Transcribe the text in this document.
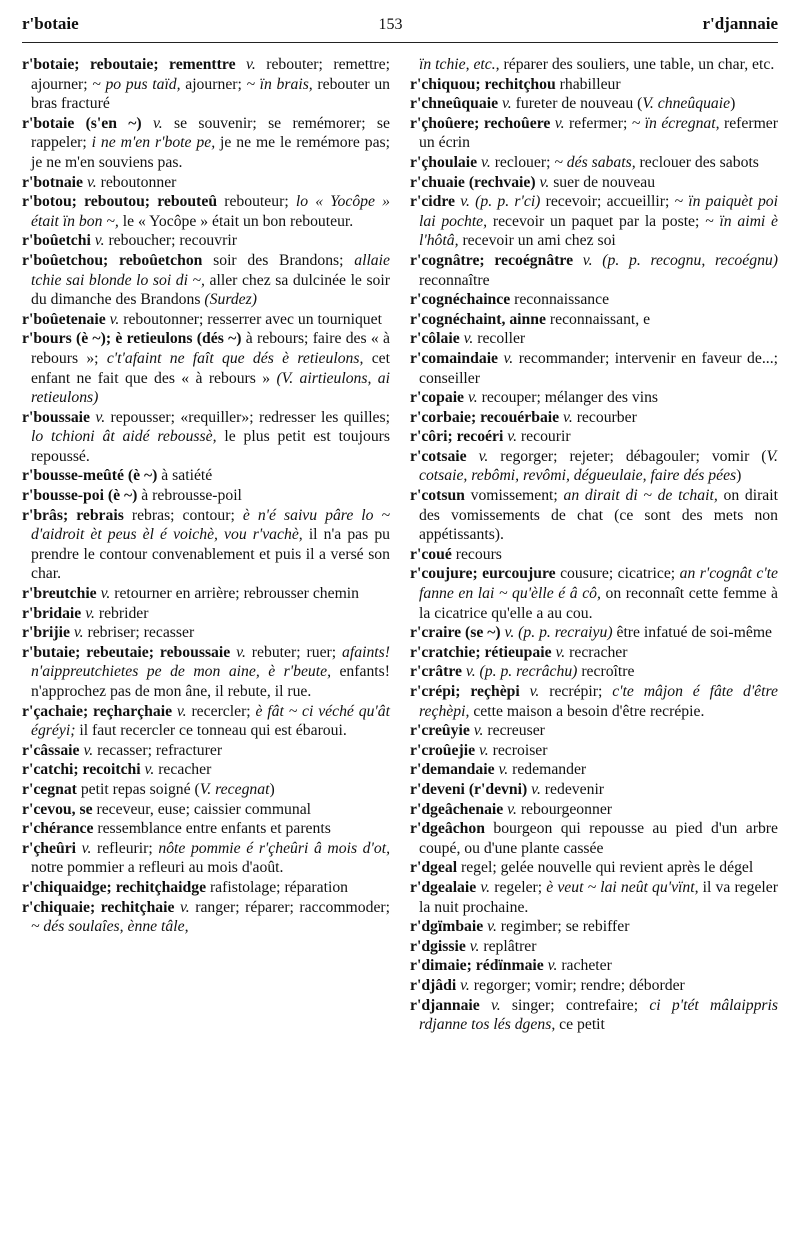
r'botaie	153	r'djannaie

r'botaie; reboutaie; rementtre v. rebouter; remettre; ajourner; ~ po pus taïd, ajourner; ~ ïn brais, rebouter un bras fracturé

r'botaie (s'en ~) v. se souvenir; se remémorer; se rappeler; i ne m'en r'bote pe, je ne me le remémore pas; je ne m'en souviens pas.

r'botnaie v. reboutonner

r'botou; reboutou; rebouteû rebouteur; lo « Yocôpe » était ïn bon ~, le « Yocôpe » était un bon rebouteur.

r'boûetchi v. reboucher; recouvrir

r'boûetchou; reboûetchon soir des Brandons; allaie tchie sai blonde lo soi di ~, aller chez sa dulcinée le soir du dimanche des Brandons (Surdez)

r'boûetenaie v. reboutonner; resserrer avec un tourniquet

r'bours (è ~); è retieulons (dés ~) à rebours; faire des « à rebours »; c't'afaint ne faît que dés è retieulons, cet enfant ne fait que des « à rebours » (V. airtieulons, ai retieulons)

r'boussaie v. repousser; «requiller»; redresser les quilles; lo tchioni ât aidé reboussè, le plus petit est toujours repoussé.

r'bousse-meûté (è ~) à satiété

r'bousse-poi (è ~) à rebrousse-poil

r'brâs; rebrais rebras; contour; è n'é saivu pâre lo ~ d'aidroit èt peus èl é voichè, vou r'vachè, il n'a pas pu prendre le contour convenablement et puis il a versé son char.

r'breutchie v. retourner en arrière; rebrousser chemin

r'bridaie v. rebrider

r'brijie v. rebriser; recasser

r'butaie; rebeutaie; reboussaie v. rebuter; ruer; afaints! n'aippreutchietes pe de mon aine, è r'beute, enfants! n'approchez pas de mon âne, il rebute, il rue.

r'çachaie; reçharçhaie v. recercler; è fât ~ ci véché qu'ât égréyi; il faut recercler ce tonneau qui est ébaroui.

r'câssaie v. recasser; refracturer

r'catchi; recoitchi v. recacher

r'cegnat petit repas soigné (V. recegnat)

r'cevou, se receveur, euse; caissier communal

r'chérance ressemblance entre enfants et parents

r'çheûri v. refleurir; nôte pommie é r'çheûri â mois d'ot, notre pommier a refleuri au mois d'août.

r'chiquaidge; rechitçhaidge rafistolage; réparation

r'chiquaie; rechitçhaie v. ranger; réparer; raccommoder; ~ dés soulaîes, ènne tâle,

ïn tchie, etc., réparer des souliers, une table, un char, etc.

r'chiquou; rechitçhou rhabilleur

r'chneûquaie v. fureter de nouveau (V. chneûquaie)

r'çhoûere; rechoûere v. refermer; ~ ïn écregnat, refermer un écrin

r'çhoulaie v. reclouer; ~ dés sabats, reclouer des sabots

r'chuaie (rechvaie) v. suer de nouveau

r'cidre v. (p. p. r'ci) recevoir; accueillir; ~ ïn paiquèt poi lai pochte, recevoir un paquet par la poste; ~ ïn aimi è l'hôtâ, recevoir un ami chez soi

r'cognâtre; recoégnâtre v. (p. p. recognu, recoégnu) reconnaître

r'cognéchaince reconnaissance

r'cognéchaint, ainne reconnaissant, e

r'côlaie v. recoller

r'comaindaie v. recommander; intervenir en faveur de...; conseiller

r'copaie v. recouper; mélanger des vins

r'corbaie; recouérbaie v. recourber

r'côri; recoéri v. recourir

r'cotsaie v. regorger; rejeter; débagouler; vomir (V. cotsaie, rebômi, revômi, dégueulaie, faire dés pées)

r'cotsun vomissement; an dirait di ~ de tchait, on dirait des vomissements de chat (ce sont des mets non appétissants).

r'coué recours

r'coujure; eurcoujure cousure; cicatrice; an r'cognât c'te fanne en lai ~ qu'èlle é â cô, on reconnaît cette femme à la cicatrice qu'elle a au cou.

r'craire (se ~) v. (p. p. recraiyu) être infatué de soi-même

r'cratchie; rétieupaie v. recracher

r'crâtre v. (p. p. recrâchu) recroître

r'crépi; reçhèpi v. recrépir; c'te mâjon é fâte d'être reçhèpi, cette maison a besoin d'être recrépie.

r'creûyie v. recreuser

r'croûejie v. recroiser

r'demandaie v. redemander

r'deveni (r'devni) v. redevenir

r'dgeâchenaie v. rebourgeonner

r'dgeâchon bourgeon qui repousse au pied d'un arbre coupé, ou d'une plante cassée

r'dgeal regel; gelée nouvelle qui revient après le dégel

r'dgealaie v. regeler; è veut ~ lai neût qu'vïnt, il va regeler la nuit prochaine.

r'dgïmbaie v. regimber; se rebiffer

r'dgissie v. replâtrer

r'dimaie; rédïnmaie v. racheter

r'djâdi v. regorger; vomir; rendre; déborder

r'djannaie v. singer; contrefaire; ci p'tét mâlaippris rdjanne tos lés dgens, ce petit
